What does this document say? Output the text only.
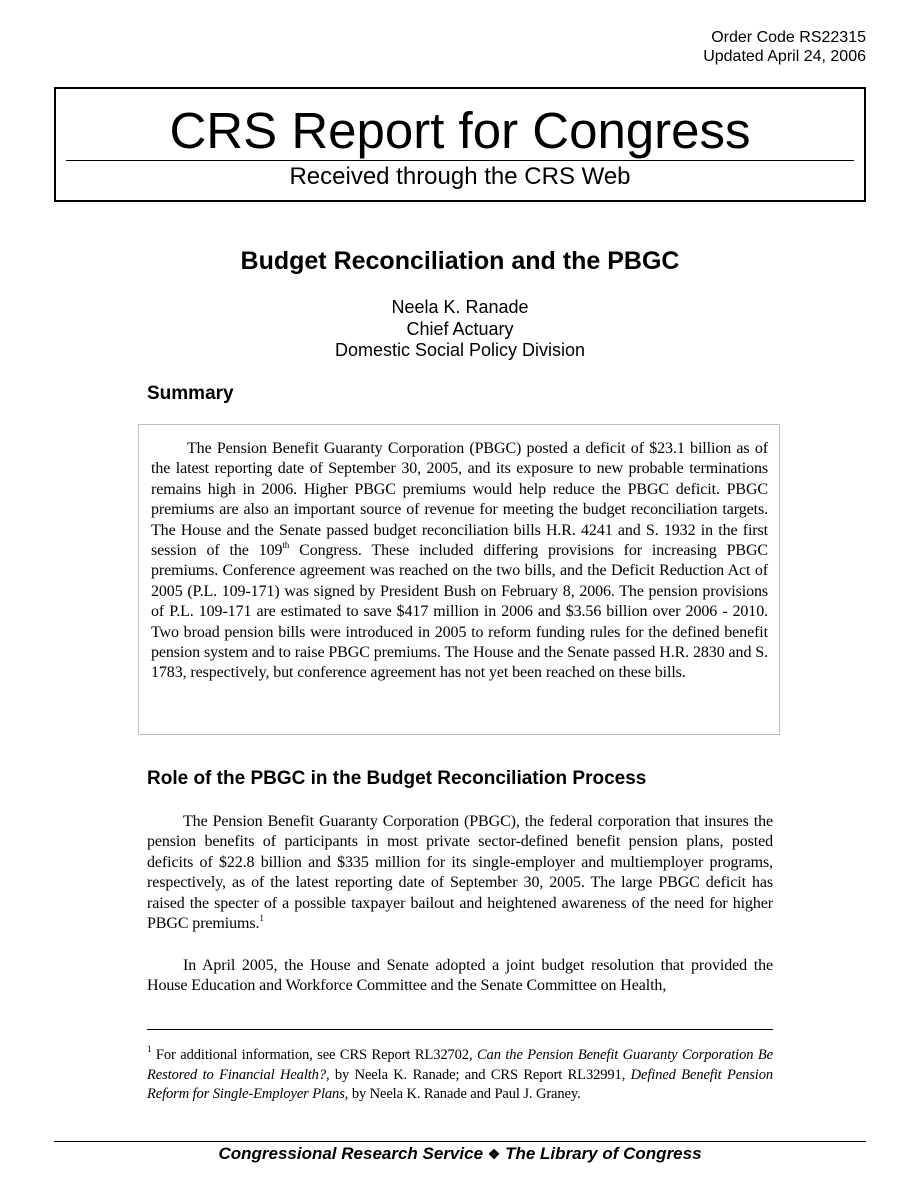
Order Code RS22315
Updated April 24, 2006
CRS Report for Congress
Received through the CRS Web
Budget Reconciliation and the PBGC
Neela K. Ranade
Chief Actuary
Domestic Social Policy Division
Summary

The Pension Benefit Guaranty Corporation (PBGC) posted a deficit of $23.1 billion as of the latest reporting date of September 30, 2005, and its exposure to new probable terminations remains high in 2006. Higher PBGC premiums would help reduce the PBGC deficit. PBGC premiums are also an important source of revenue for meeting the budget reconciliation targets. The House and the Senate passed budget reconciliation bills H.R. 4241 and S. 1932 in the first session of the 109th Congress. These included differing provisions for increasing PBGC premiums. Conference agreement was reached on the two bills, and the Deficit Reduction Act of 2005 (P.L. 109-171) was signed by President Bush on February 8, 2006. The pension provisions of P.L. 109-171 are estimated to save $417 million in 2006 and $3.56 billion over 2006 - 2010. Two broad pension bills were introduced in 2005 to reform funding rules for the defined benefit pension system and to raise PBGC premiums. The House and the Senate passed H.R. 2830 and S. 1783, respectively, but conference agreement has not yet been reached on these bills.

Role of the PBGC in the Budget Reconciliation Process

The Pension Benefit Guaranty Corporation (PBGC), the federal corporation that insures the pension benefits of participants in most private sector-defined benefit pension plans, posted deficits of $22.8 billion and $335 million for its single-employer and multiemployer programs, respectively, as of the latest reporting date of September 30, 2005. The large PBGC deficit has raised the specter of a possible taxpayer bailout and heightened awareness of the need for higher PBGC premiums.$^1$

In April 2005, the House and Senate adopted a joint budget resolution that provided the House Education and Workforce Committee and the Senate Committee on Health,

$^1$ For additional information, see CRS Report RL32702, Can the Pension Benefit Guaranty Corporation Be Restored to Financial Health?, by Neela K. Ranade; and CRS Report RL32991, Defined Benefit Pension Reform for Single-Employer Plans, by Neela K. Ranade and Paul J. Graney.

Congressional Research Service ❖ The Library of Congress
